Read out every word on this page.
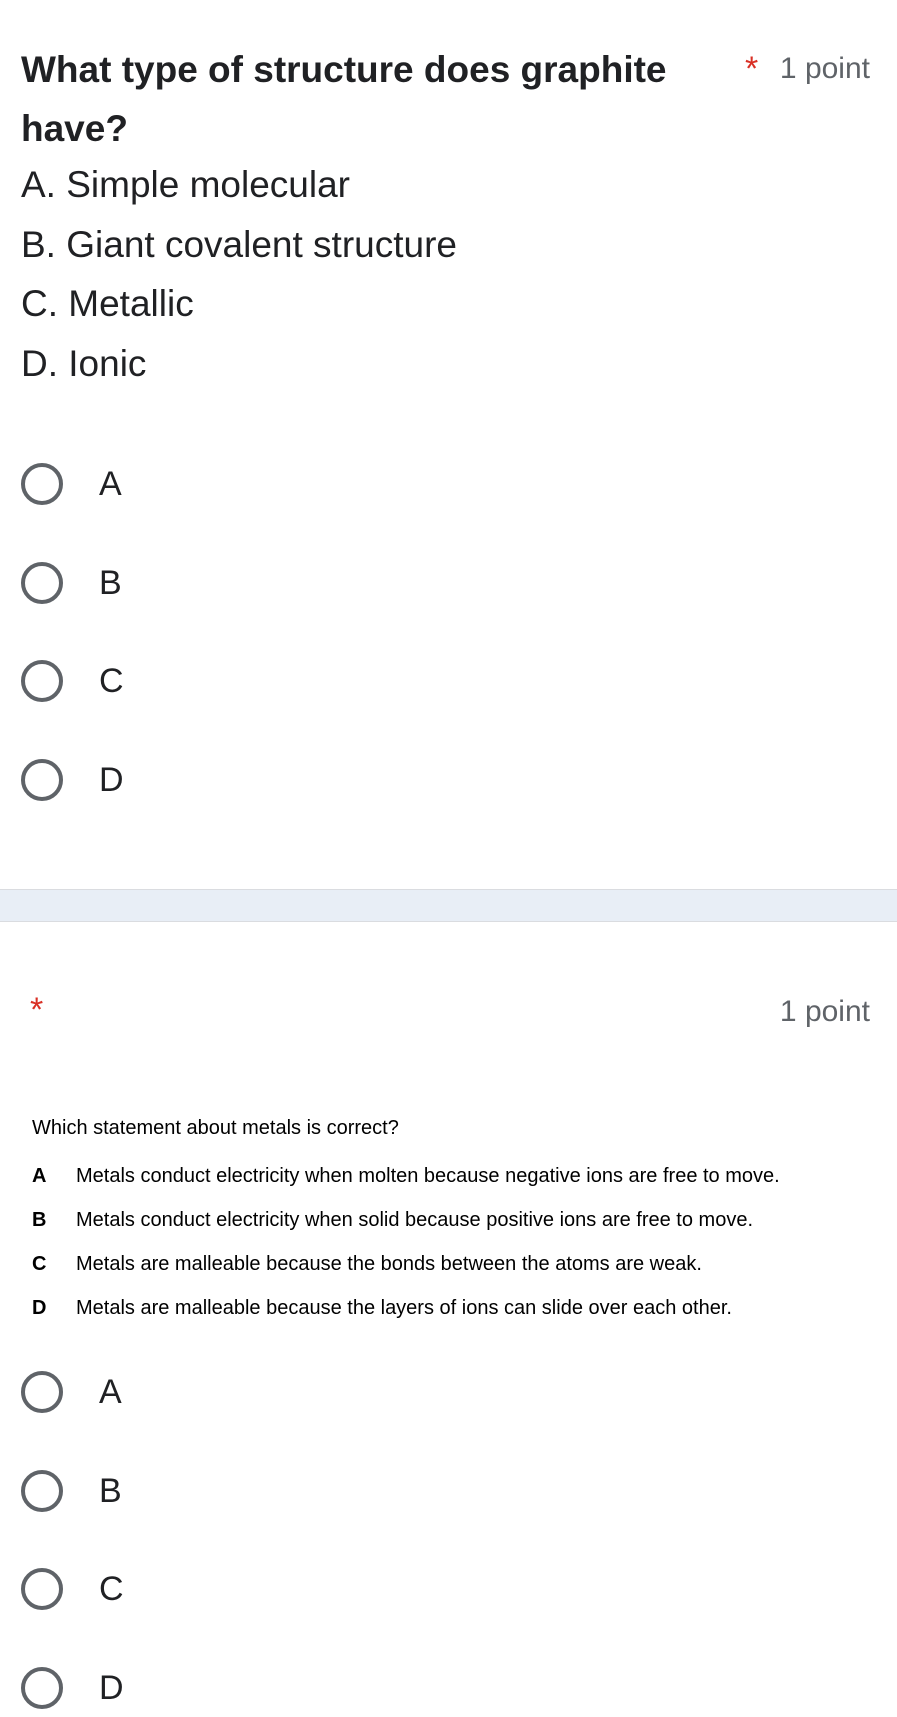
What type of structure does graphite
have?
* 1 point
A. Simple molecular
B. Giant covalent structure
C. Metallic
D. Ionic
A
B
C
D
*	1 point
Which statement about metals is correct?
A	Metals conduct electricity when molten because negative ions are free to move.
B	Metals conduct electricity when solid because positive ions are free to move.
C	Metals are malleable because the bonds between the atoms are weak.
D	Metals are malleable because the layers of ions can slide over each other.
A
B
C
D
